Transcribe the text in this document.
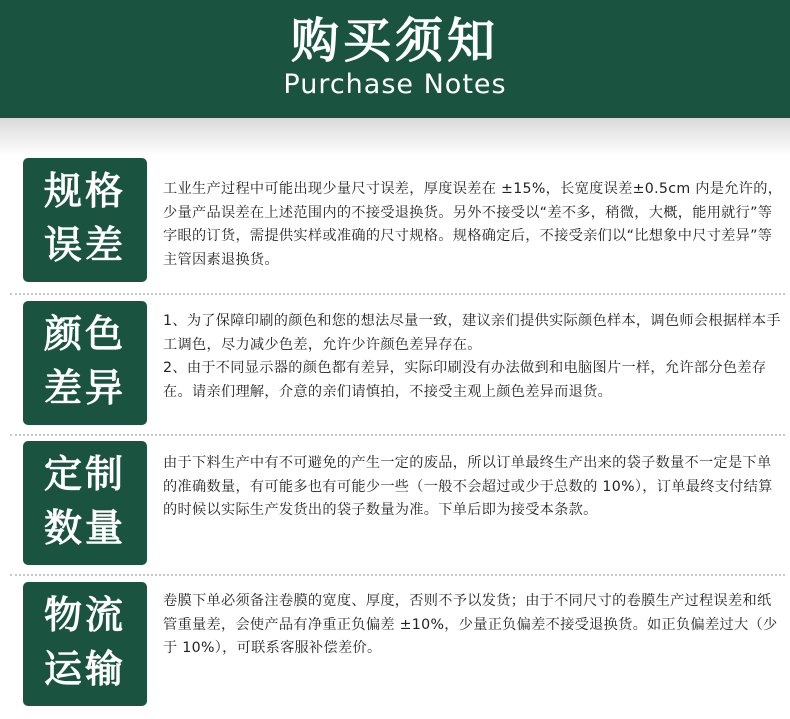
购买须知
Purchase Notes
规格
误差

工业生产过程中可能出现少量尺寸误差，厚度误差在 ±15%，长宽度误差±0.5cm 内是允许的，少量产品误差在上述范围内的不接受退换货。另外不接受以“差不多，稍微，大概，能用就行”等字眼的订货，需提供实样或准确的尺寸规格。规格确定后，不接受亲们以“比想象中尺寸差异”等主管因素退换货。

颜色
差异

1、为了保障印刷的颜色和您的想法尽量一致，建议亲们提供实际颜色样本，调色师会根据样本手工调色，尽力减少色差，允许少许颜色差异存在。

2、由于不同显示器的颜色都有差异，实际印刷没有办法做到和电脑图片一样，允许部分色差存在。请亲们理解，介意的亲们请慎拍，不接受主观上颜色差异而退货。

定制
数量

由于下料生产中有不可避免的产生一定的废品，所以订单最终生产出来的袋子数量不一定是下单的准确数量，有可能多也有可能少一些（一般不会超过或少于总数的 10%），订单最终支付结算的时候以实际生产发货出的袋子数量为准。下单后即为接受本条款。

物流
运输

卷膜下单必须备注卷膜的宽度、厚度，否则不予以发货；由于不同尺寸的卷膜生产过程误差和纸管重量差，会使产品有净重正负偏差 ±10%，少量正负偏差不接受退换货。如正负偏差过大（少于 10%），可联系客服补偿差价。
